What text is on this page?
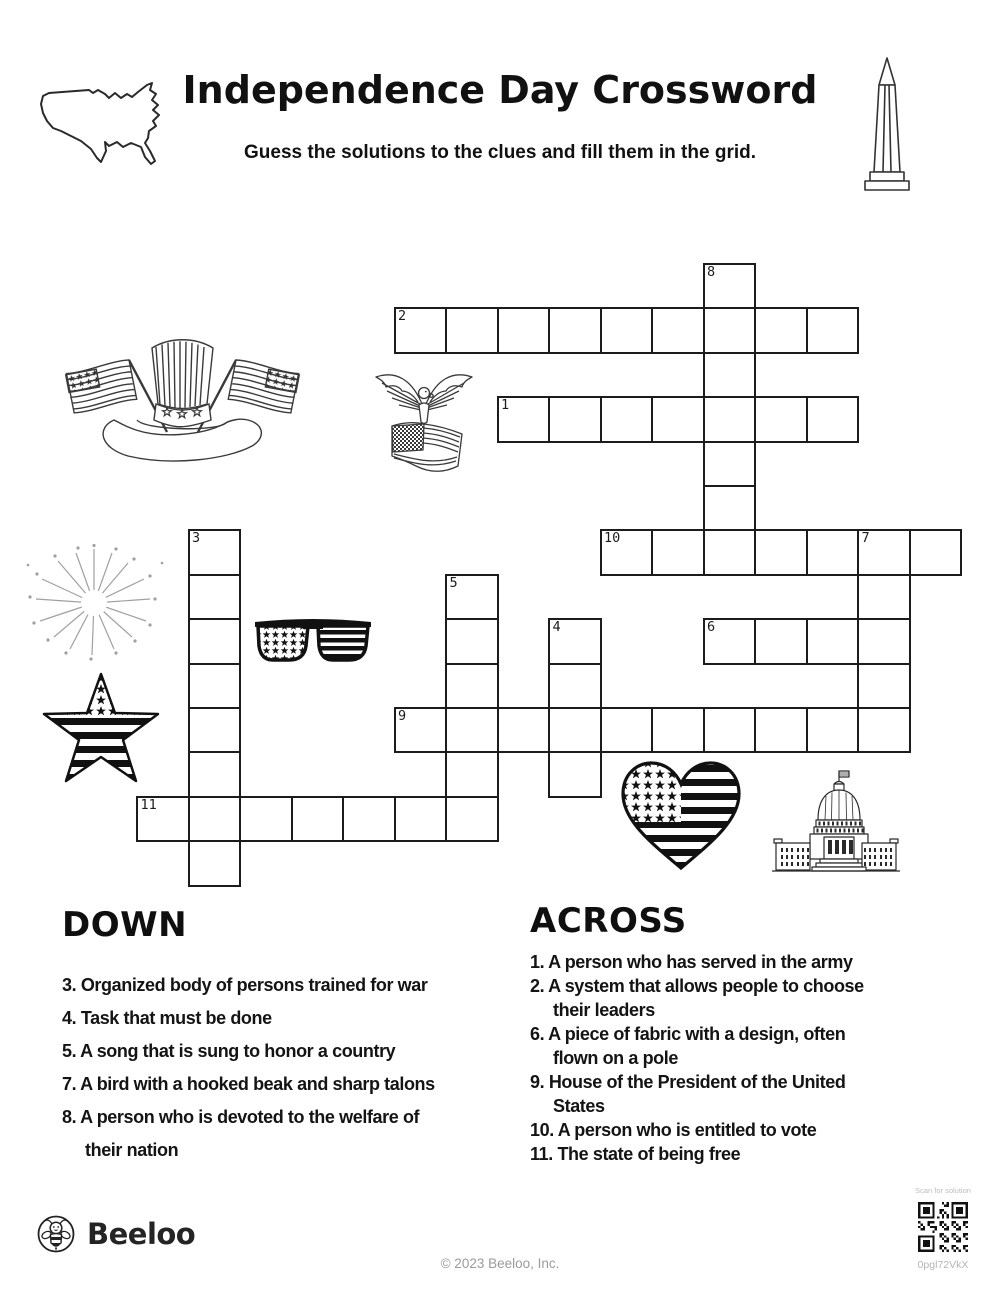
Independence Day Crossword
Guess the solutions to the clues and fill them in the grid.
1
2
3
4
5
6
7
8
9
10
11
DOWN
3. Organized body of persons trained for war
4. Task that must be done
5. A song that is sung to honor a country
7. A bird with a hooked beak and sharp talons
8. A person who is devoted to the welfare of
their nation
ACROSS
1. A person who has served in the army
2. A system that allows people to choose
their leaders
6. A piece of fabric with a design, often
flown on a pole
9. House of the President of the United
States
10. A person who is entitled to vote
11. The state of being free
Beeloo
© 2023 Beeloo, Inc.
Scan for solution
0pgl72VkX
